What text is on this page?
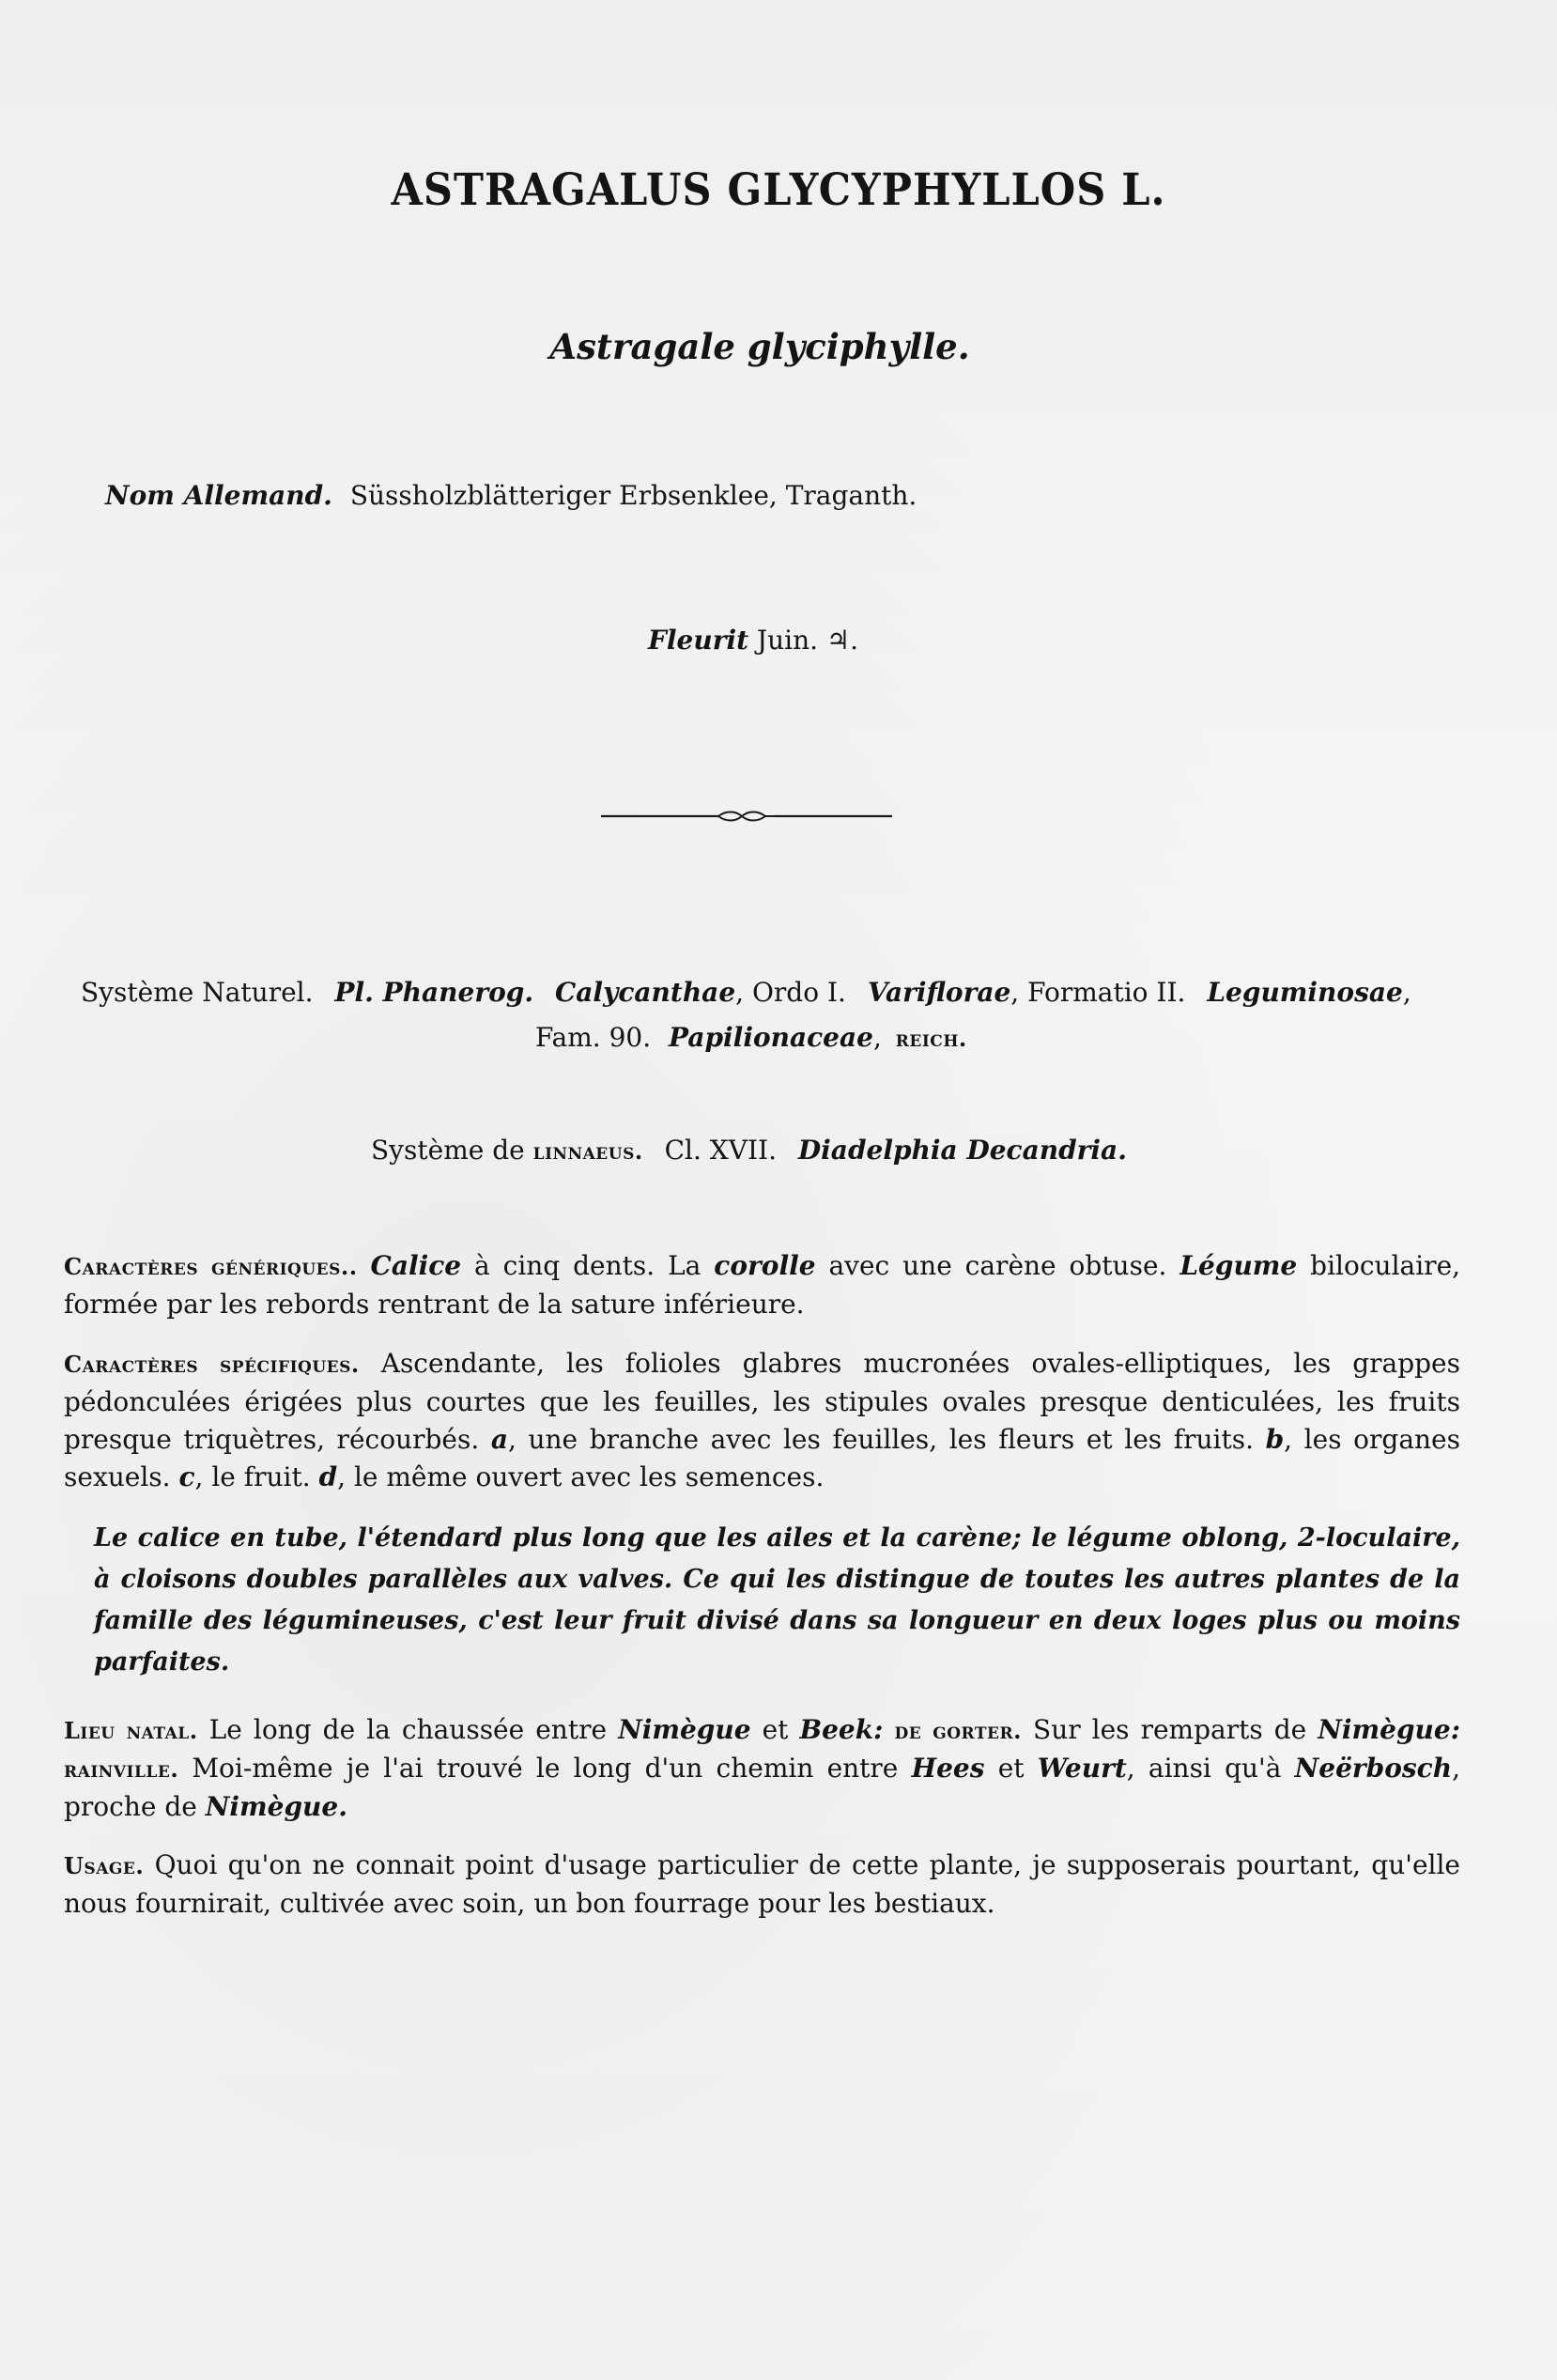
ASTRAGALUS GLYCYPHYLLOS L.
Astragale glyciphylle.
Nom Allemand. Süssholzblätteriger Erbsenklee, Traganth.
Fleurit Juin. ♃.
Système Naturel. Pl. Phanerog. Calycanthae, Ordo I. Variflorae, Formatio II. Leguminosae,
Fam. 90. Papilionaceae, reich.
Système de linnaeus. Cl. XVII. Diadelphia Decandria.
Caractères génériques.. Calice à cinq dents. La corolle avec une carène obtuse. Légume biloculaire, formée par les rebords rentrant de la sature inférieure.
Caractères spécifiques. Ascendante, les folioles glabres mucronées ovales-elliptiques, les grappes pédonculées érigées plus courtes que les feuilles, les stipules ovales presque denticulées, les fruits presque triquètres, récourbés. a, une branche avec les feuilles, les fleurs et les fruits. b, les organes sexuels. c, le fruit. d, le même ouvert avec les semences.
Le calice en tube, l'étendard plus long que les ailes et la carène; le légume oblong, 2-loculaire, à cloisons doubles parallèles aux valves. Ce qui les distingue de toutes les autres plantes de la famille des légumineuses, c'est leur fruit divisé dans sa longueur en deux loges plus ou moins parfaites.
Lieu natal. Le long de la chaussée entre Nimègue et Beek: de gorter. Sur les remparts de Nimègue: rainville. Moi-même je l'ai trouvé le long d'un chemin entre Hees et Weurt, ainsi qu'à Neërbosch, proche de Nimègue.
Usage. Quoi qu'on ne connait point d'usage particulier de cette plante, je supposerais pourtant, qu'elle nous fournirait, cultivée avec soin, un bon fourrage pour les bestiaux.
